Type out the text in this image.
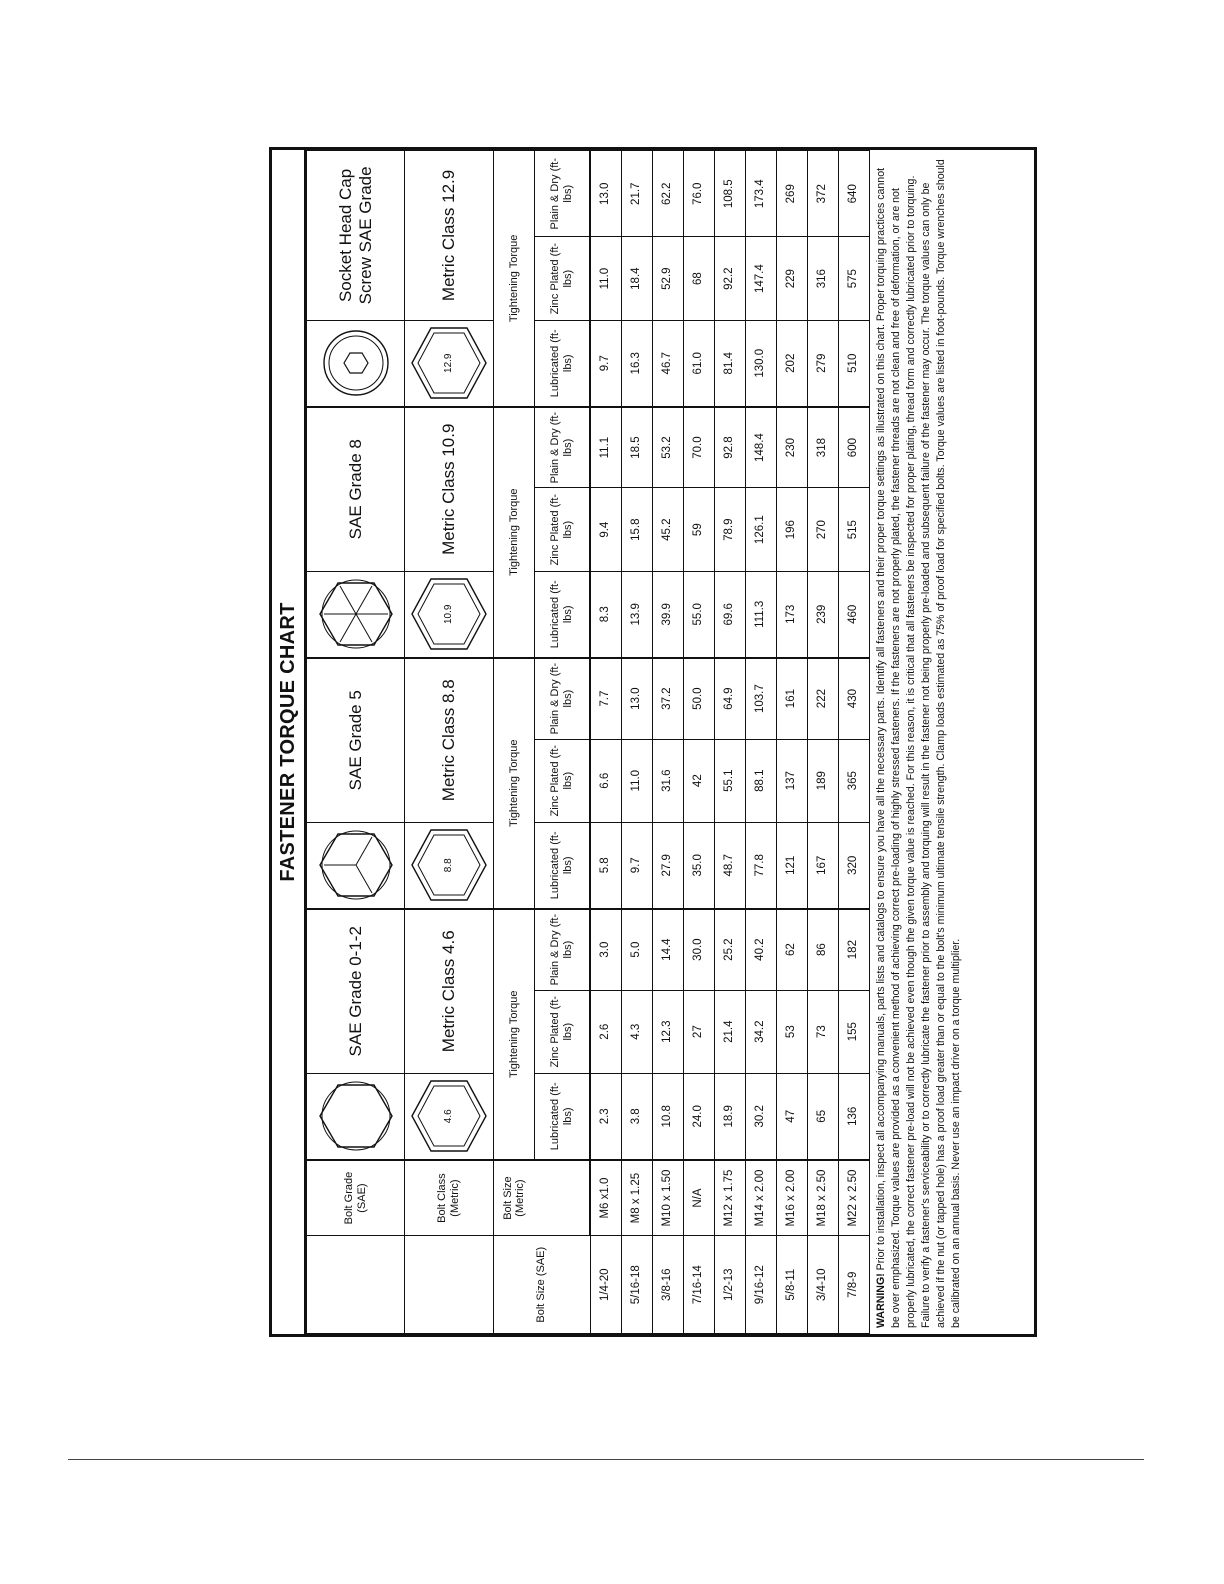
FASTENER TORQUE CHART
	Bolt Grade (SAE)		SAE Grade 0-1-2			SAE Grade 5			SAE Grade 8			Socket Head Cap Screw SAE Grade	
	Bolt Class (Metric)	4.6	Metric Class 4.6		8.8	Metric Class 8.8		10.9	Metric Class 10.9		12.9	Metric Class 12.9	
Bolt Size (SAE)	Bolt Size (Metric)	Tightening Torque			Tightening Torque			Tightening Torque			Tightening Torque		
		Lubricated (ft-lbs)	Zinc Plated (ft-lbs)	Plain & Dry (ft-lbs)	Lubricated (ft-lbs)	Zinc Plated (ft-lbs)	Plain & Dry (ft-lbs)	Lubricated (ft-lbs)	Zinc Plated (ft-lbs)	Plain & Dry (ft-lbs)	Lubricated (ft-lbs)	Zinc Plated (ft-lbs)	Plain & Dry (ft-lbs)
1/4-20	M6 x1.0	2.3	2.6	3.0	5.8	6.6	7.7	8.3	9.4	11.1	9.7	11.0	13.0
5/16-18	M8 x 1.25	3.8	4.3	5.0	9.7	11.0	13.0	13.9	15.8	18.5	16.3	18.4	21.7
3/8-16	M10 x 1.50	10.8	12.3	14.4	27.9	31.6	37.2	39.9	45.2	53.2	46.7	52.9	62.2
7/16-14	N/A	24.0	27	30.0	35.0	42	50.0	55.0	59	70.0	61.0	68	76.0
1/2-13	M12 x 1.75	18.9	21.4	25.2	48.7	55.1	64.9	69.6	78.9	92.8	81.4	92.2	108.5
9/16-12	M14 x 2.00	30.2	34.2	40.2	77.8	88.1	103.7	111.3	126.1	148.4	130.0	147.4	173.4
5/8-11	M16 x 2.00	47	53	62	121	137	161	173	196	230	202	229	269
3/4-10	M18 x 2.50	65	73	86	167	189	222	239	270	318	279	316	372
7/8-9	M22 x 2.50	136	155	182	320	365	430	460	515	600	510	575	640
WARNING! Prior to installation, inspect all accompanying manuals, parts lists and catalogs to ensure you have all the necessary parts. Identify all fasteners and their proper torque settings as illustrated on this chart. Proper torquing practices cannot be over emphasized. Torque values are provided as a convenient method of achieving correct pre-loading of highly stressed fasteners. If the fasteners are not properly plated, the fastener threads are not clean and free of deformation, or are not properly lubricated, the correct fastener pre-load will not be achieved even though the given torque value is reached. For this reason, it is critical that all fasteners be inspected for proper plating, thread form and correctly lubricated prior to torquing. Failure to verify a fastener's serviceability or to correctly lubricate the fastener prior to assembly and torquing will result in the fastener not being properly pre-loaded and subsequent failure of the fastener may occur. The torque values can only be achieved if the nut (or tapped hole) has a proof load greater than or equal to the bolt's minimum ultimate tensile strength. Clamp loads estimated as 75% of proof load for specified bolts. Torque values are listed in foot-pounds. Torque wrenches should be calibrated on an annual basis. Never use an impact driver on a torque multiplier.
